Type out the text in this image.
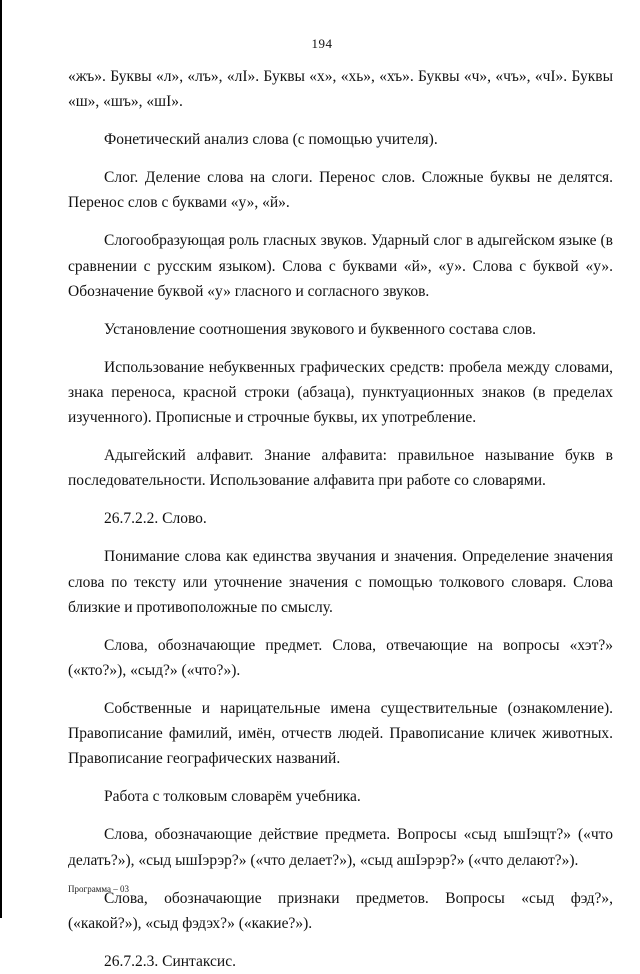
194

«жъ». Буквы «л», «лъ», «лI». Буквы «х», «хь», «хъ». Буквы «ч», «чъ», «чI». Буквы «ш», «шъ», «шI».

Фонетический анализ слова (с помощью учителя).

Слог. Деление слова на слоги. Перенос слов. Сложные буквы не делятся. Перенос слов с буквами «у», «й».

Слогообразующая роль гласных звуков. Ударный слог в адыгейском языке (в сравнении с русским языком). Слова с буквами «й», «у». Слова с буквой «у». Обозначение буквой «у» гласного и согласного звуков.

Установление соотношения звукового и буквенного состава слов.

Использование небуквенных графических средств: пробела между словами, знака переноса, красной строки (абзаца), пунктуационных знаков (в пределах изученного). Прописные и строчные буквы, их употребление.

Адыгейский алфавит. Знание алфавита: правильное называние букв в последовательности. Использование алфавита при работе со словарями.

26.7.2.2. Слово.

Понимание слова как единства звучания и значения. Определение значения слова по тексту или уточнение значения с помощью толкового словаря. Слова близкие и противоположные по смыслу.

Слова, обозначающие предмет. Слова, отвечающие на вопросы «хэт?» («кто?»), «сыд?» («что?»).

Собственные и нарицательные имена существительные (ознакомление). Правописание фамилий, имён, отчеств людей. Правописание кличек животных. Правописание географических названий.

Работа с толковым словарём учебника.

Слова, обозначающие действие предмета. Вопросы «сыд ышIэщт?» («что делать?»), «сыд ышIэрэр?» («что делает?»), «сыд ашIэрэр?» («что делают?»).

Слова, обозначающие признаки предметов. Вопросы «сыд фэд?», («какой?»), «сыд фэдэх?» («какие?»).

26.7.2.3. Синтаксис.

Программа – 03
